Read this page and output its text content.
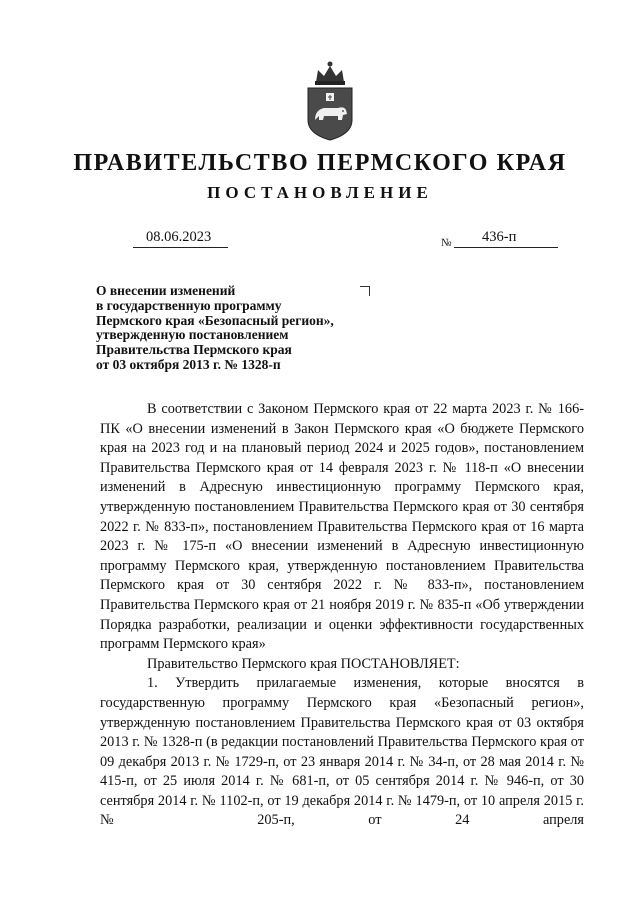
ПРАВИТЕЛЬСТВО ПЕРМСКОГО КРАЯ
ПОСТАНОВЛЕНИЕ
08.06.2023	№ 436-п
О внесении изменений
в государственную программу
Пермского края «Безопасный регион»,
утвержденную постановлением
Правительства Пермского края
от 03 октября 2013 г. № 1328-п

В соответствии с Законом Пермского края от 22 марта 2023 г. № 166-ПК «О внесении изменений в Закон Пермского края «О бюджете Пермского края на 2023 год и на плановый период 2024 и 2025 годов», постановлением Правительства Пермского края от 14 февраля 2023 г. № 118-п «О внесении изменений в Адресную инвестиционную программу Пермского края, утвержденную постановлением Правительства Пермского края от 30 сентября 2022 г. № 833-п», постановлением Правительства Пермского края от 16 марта 2023 г. № 175-п «О внесении изменений в Адресную инвестиционную программу Пермского края, утвержденную постановлением Правительства Пермского края от 30 сентября 2022 г. № 833-п», постановлением Правительства Пермского края от 21 ноября 2019 г. № 835-п «Об утверждении Порядка разработки, реализации и оценки эффективности государственных программ Пермского края»

Правительство Пермского края ПОСТАНОВЛЯЕТ:

1. Утвердить прилагаемые изменения, которые вносятся в государственную программу Пермского края «Безопасный регион», утвержденную постановлением Правительства Пермского края от 03 октября 2013 г. № 1328-п (в редакции постановлений Правительства Пермского края от 09 декабря 2013 г. № 1729-п, от 23 января 2014 г. № 34-п, от 28 мая 2014 г. № 415-п, от 25 июля 2014 г. № 681-п, от 05 сентября 2014 г. № 946-п, от 30 сентября 2014 г. № 1102-п, от 19 декабря 2014 г. № 1479-п, от 10 апреля 2015 г. № 205-п, от 24 апреля
